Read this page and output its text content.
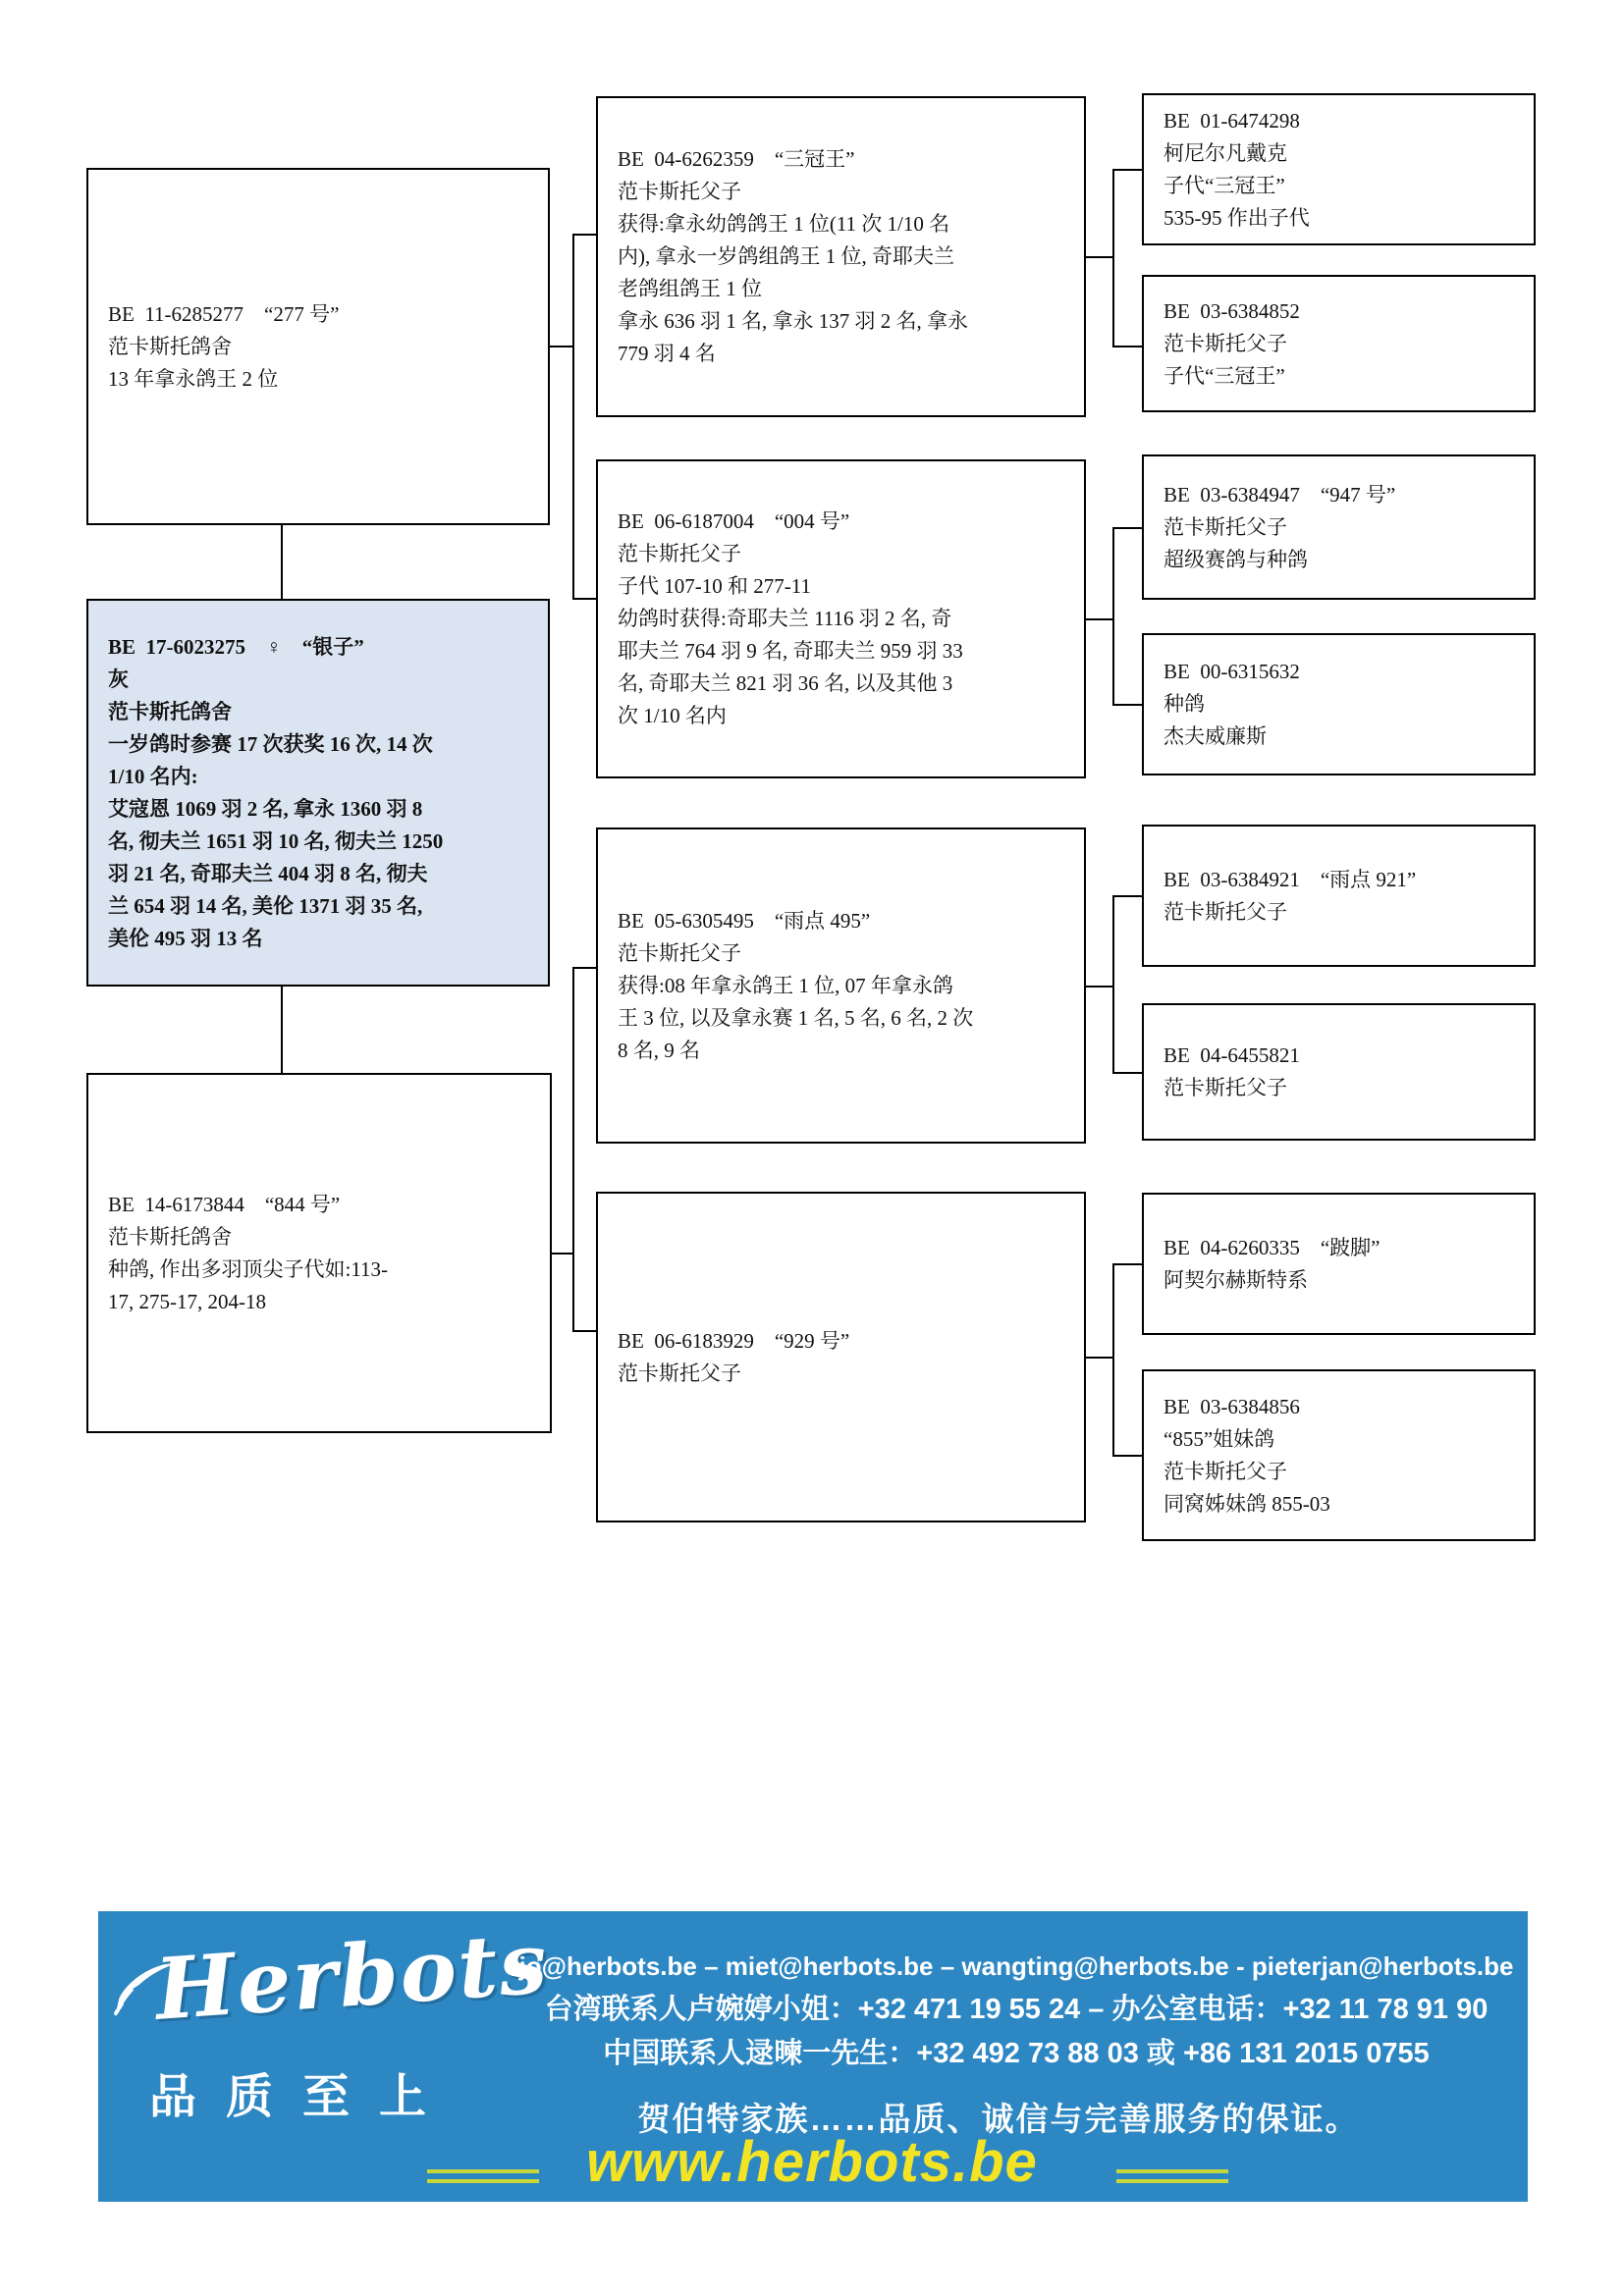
BE  11-6285277　“277 号”
范卡斯托鸽舍
13 年拿永鸽王 2 位
BE  17-6023275　♀　“银子”
灰
范卡斯托鸽舍
一岁鸽时参赛 17 次获奖 16 次, 14 次
1/10 名内:
艾寇恩 1069 羽 2 名, 拿永 1360 羽 8
名, 彻夫兰 1651 羽 10 名, 彻夫兰 1250
羽 21 名, 奇耶夫兰 404 羽 8 名, 彻夫
兰 654 羽 14 名, 美伦 1371 羽 35 名,
美伦 495 羽 13 名
BE  14-6173844　“844 号”
范卡斯托鸽舍
种鸽, 作出多羽顶尖子代如:113-
17, 275-17, 204-18
BE  04-6262359　“三冠王”
范卡斯托父子
获得:拿永幼鸽鸽王 1 位(11 次 1/10 名
内), 拿永一岁鸽组鸽王 1 位, 奇耶夫兰
老鸽组鸽王 1 位
拿永 636 羽 1 名, 拿永 137 羽 2 名, 拿永
779 羽 4 名
BE  06-6187004　“004 号”
范卡斯托父子
子代 107-10 和 277-11
幼鸽时获得:奇耶夫兰 1116 羽 2 名, 奇
耶夫兰 764 羽 9 名, 奇耶夫兰 959 羽 33
名, 奇耶夫兰 821 羽 36 名, 以及其他 3
次 1/10 名内
BE  05-6305495　“雨点 495”
范卡斯托父子
获得:08 年拿永鸽王 1 位, 07 年拿永鸽
王 3 位, 以及拿永赛 1 名, 5 名, 6 名, 2 次
8 名, 9 名
BE  06-6183929　“929 号”
范卡斯托父子
BE  01-6474298
柯尼尔凡戴克
子代“三冠王”
535-95 作出子代
BE  03-6384852
范卡斯托父子
子代“三冠王”
BE  03-6384947　“947 号”
范卡斯托父子
超级赛鸽与种鸽
BE  00-6315632
种鸽
杰夫威廉斯
BE  03-6384921　“雨点 921”
范卡斯托父子
BE  04-6455821
范卡斯托父子
BE  04-6260335　“跛脚”
阿契尔赫斯特系
BE  03-6384856
“855”姐妹鸽
范卡斯托父子
同窝姊妹鸽 855-03
Herbots
品质至上
jo@herbots.be – miet@herbots.be – wangting@herbots.be - pieterjan@herbots.be
台湾联系人卢婉婷小姐：+32 471 19 55 24 – 办公室电话：+32 11 78 91 90
中国联系人逯暕一先生：+32 492 73 88 03 或 +86 131 2015 0755
贺伯特家族……品质、诚信与完善服务的保证。
www.herbots.be
